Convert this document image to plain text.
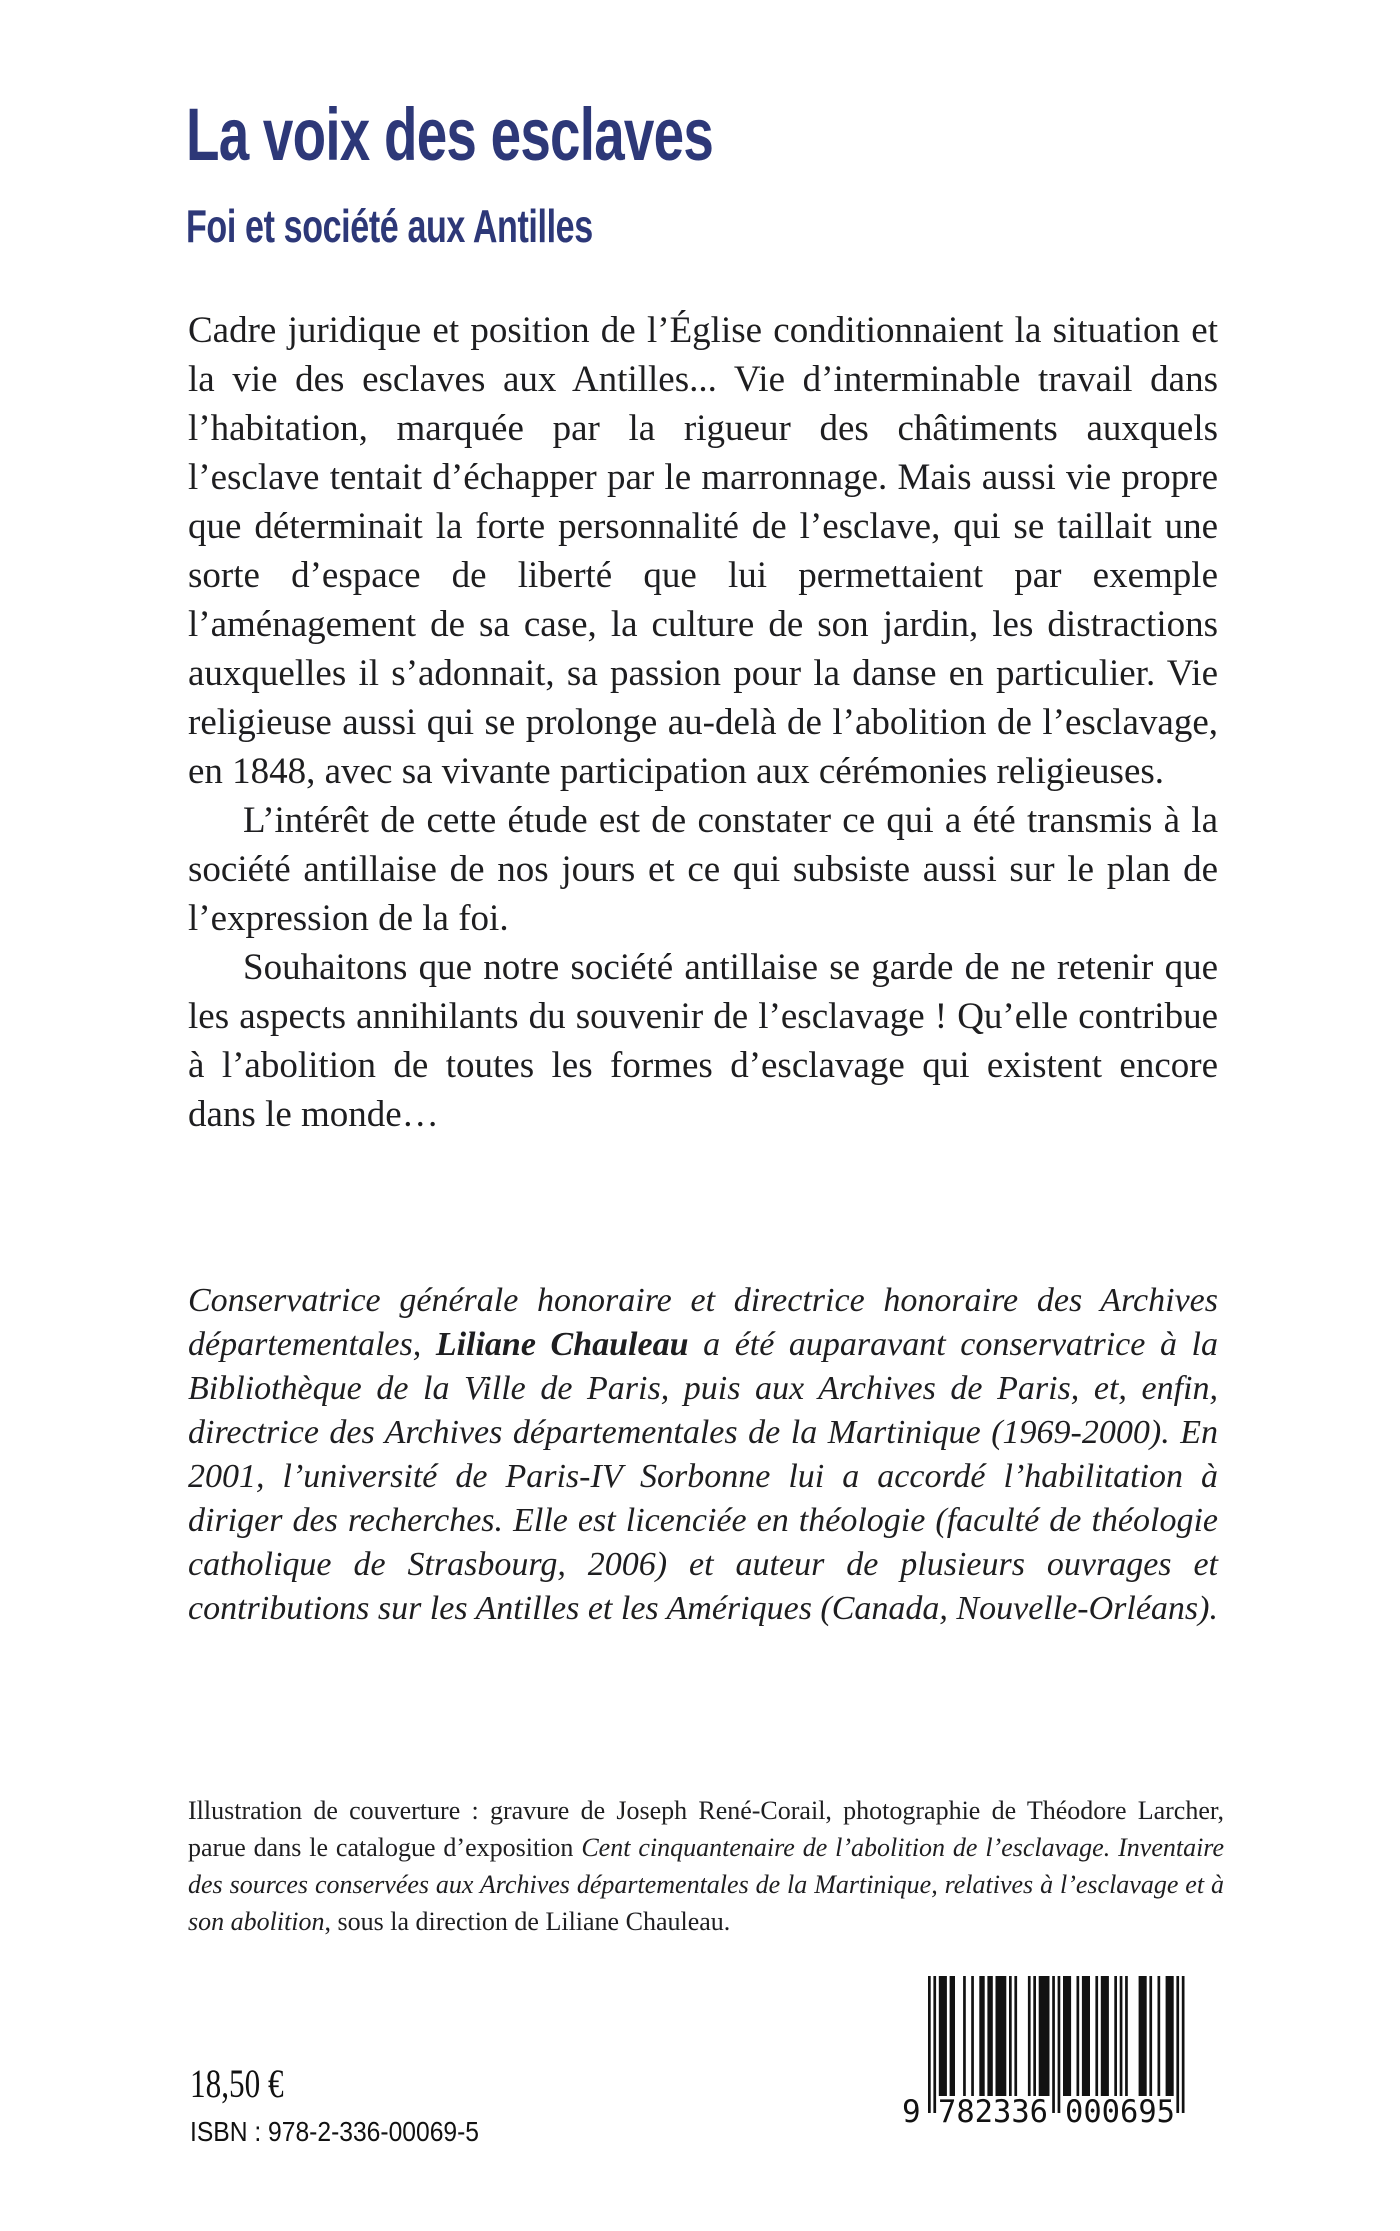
La voix des esclaves
Foi et société aux Antilles

Cadre juridique et position de l’Église conditionnaient la situation et la vie des esclaves aux Antilles... Vie d’interminable travail dans l’habitation, marquée par la rigueur des châtiments auxquels l’esclave tentait d’échapper par le marronnage. Mais aussi vie propre que déterminait la forte personnalité de l’esclave, qui se taillait une sorte d’espace de liberté que lui permettaient par exemple l’aménagement de sa case, la culture de son jardin, les distractions auxquelles il s’adonnait, sa passion pour la danse en particulier. Vie religieuse aussi qui se prolonge au-delà de l’abolition de l’esclavage, en 1848, avec sa vivante participation aux cérémonies religieuses.

L’intérêt de cette étude est de constater ce qui a été transmis à la société antillaise de nos jours et ce qui subsiste aussi sur le plan de l’expression de la foi.

Souhaitons que notre société antillaise se garde de ne retenir que les aspects annihilants du souvenir de l’esclavage ! Qu’elle contribue à l’abolition de toutes les formes d’esclavage qui existent encore dans le monde…

Conservatrice générale honoraire et directrice honoraire des Archives départementales, Liliane Chauleau a été auparavant conservatrice à la Bibliothèque de la Ville de Paris, puis aux Archives de Paris, et, enfin, directrice des Archives départementales de la Martinique (1969-2000). En 2001, l’université de Paris-IV Sorbonne lui a accordé l’habilitation à diriger des recherches. Elle est licenciée en théologie (faculté de théologie catholique de Strasbourg, 2006) et auteur de plusieurs ouvrages et contributions sur les Antilles et les Amériques (Canada, Nouvelle-Orléans).
Illustration de couverture : gravure de Joseph René-Corail, photographie de Théodore Larcher, parue dans le catalogue d’exposition Cent cinquantenaire de l’abolition de l’esclavage. Inventaire des sources conservées aux Archives départementales de la Martinique, relatives à l’esclavage et à son abolition, sous la direction de Liliane Chauleau.
18,50 €
ISBN : 978-2-336-00069-5
9 782336 000695
